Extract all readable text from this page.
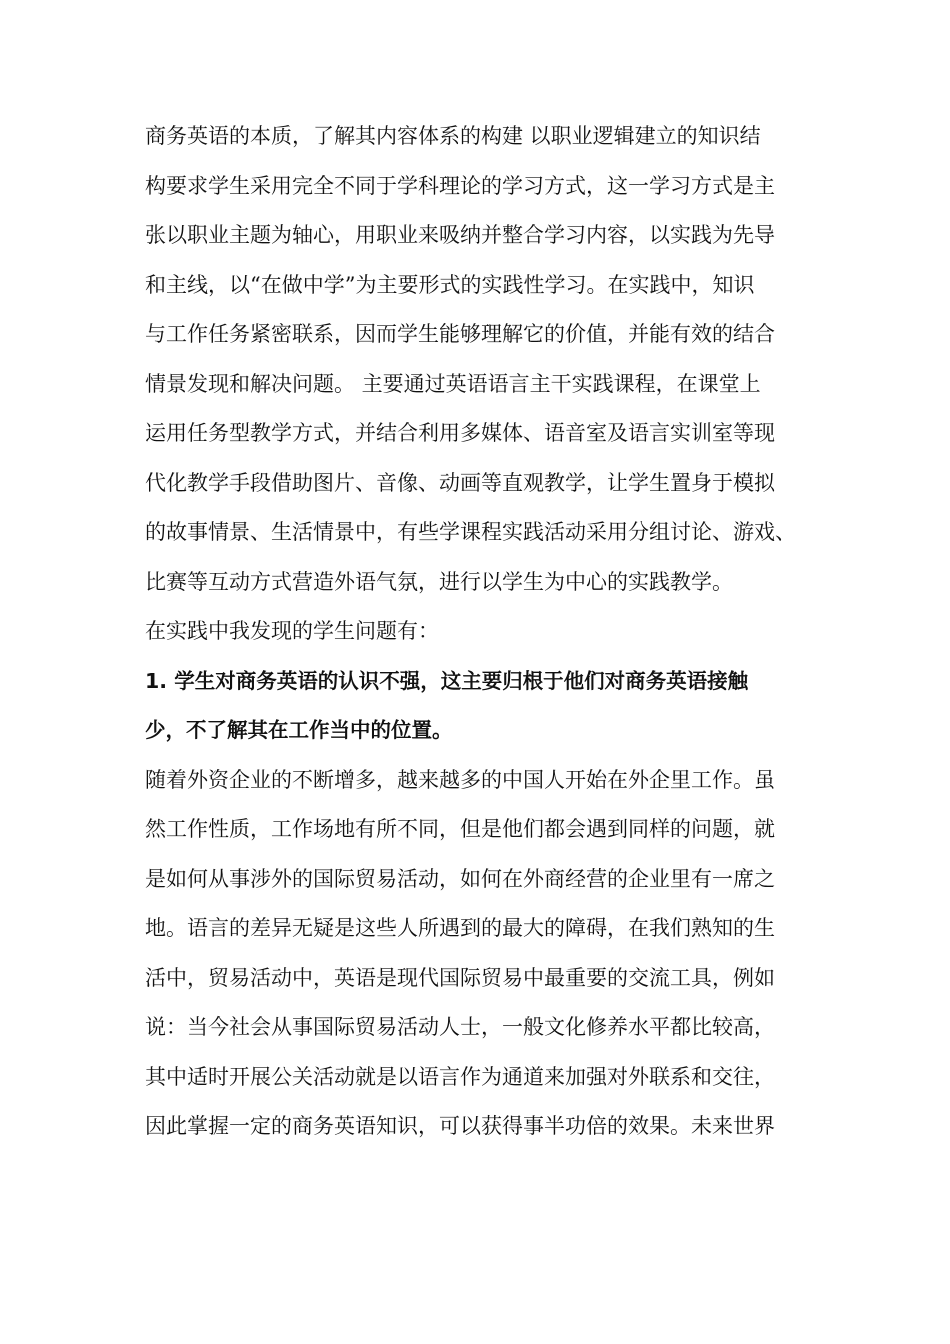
商务英语的本质，了解其内容体系的构建 以职业逻辑建立的知识结
构要求学生采用完全不同于学科理论的学习方式，这一学习方式是主
张以职业主题为轴心，用职业来吸纳并整合学习内容，以实践为先导
和主线，以“在做中学”为主要形式的实践性学习。在实践中，知识
与工作任务紧密联系，因而学生能够理解它的价值，并能有效的结合
情景发现和解决问题。 主要通过英语语言主干实践课程，在课堂上
运用任务型教学方式，并结合利用多媒体、语音室及语言实训室等现
代化教学手段借助图片、音像、动画等直观教学，让学生置身于模拟
的故事情景、生活情景中，有些学课程实践活动采用分组讨论、游戏、
比赛等互动方式营造外语气氛，进行以学生为中心的实践教学。
在实践中我发现的学生问题有：
1. 学生对商务英语的认识不强，这主要归根于他们对商务英语接触
少，不了解其在工作当中的位置。
随着外资企业的不断增多，越来越多的中国人开始在外企里工作。虽
然工作性质，工作场地有所不同，但是他们都会遇到同样的问题，就
是如何从事涉外的国际贸易活动，如何在外商经营的企业里有一席之
地。语言的差异无疑是这些人所遇到的最大的障碍，在我们熟知的生
活中，贸易活动中，英语是现代国际贸易中最重要的交流工具，例如
说：当今社会从事国际贸易活动人士，一般文化修养水平都比较高，
其中适时开展公关活动就是以语言作为通道来加强对外联系和交往，
因此掌握一定的商务英语知识，可以获得事半功倍的效果。未来世界
